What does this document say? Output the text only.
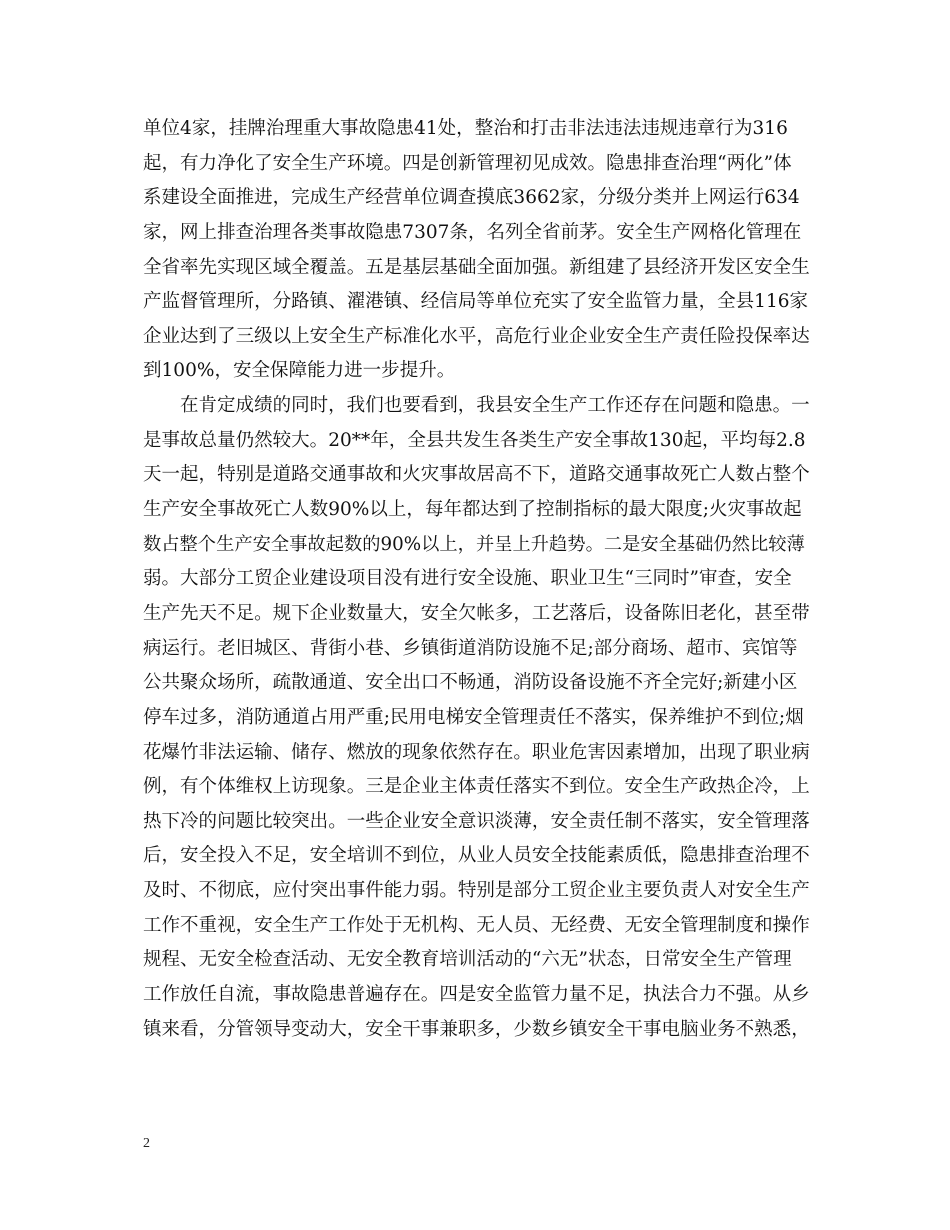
单位4家，挂牌治理重大事故隐患41处，整治和打击非法违法违规违章行为316
起，有力净化了安全生产环境。四是创新管理初见成效。隐患排查治理“两化”体
系建设全面推进，完成生产经营单位调查摸底3662家，分级分类并上网运行634
家，网上排查治理各类事故隐患7307条，名列全省前茅。安全生产网格化管理在
全省率先实现区域全覆盖。五是基层基础全面加强。新组建了县经济开发区安全生
产监督管理所，分路镇、濯港镇、经信局等单位充实了安全监管力量，全县116家
企业达到了三级以上安全生产标准化水平，高危行业企业安全生产责任险投保率达
到100%，安全保障能力进一步提升。
在肯定成绩的同时，我们也要看到，我县安全生产工作还存在问题和隐患。一
是事故总量仍然较大。20**年，全县共发生各类生产安全事故130起，平均每2.8
天一起，特别是道路交通事故和火灾事故居高不下，道路交通事故死亡人数占整个
生产安全事故死亡人数90%以上，每年都达到了控制指标的最大限度;火灾事故起
数占整个生产安全事故起数的90%以上，并呈上升趋势。二是安全基础仍然比较薄
弱。大部分工贸企业建设项目没有进行安全设施、职业卫生“三同时”审查，安全
生产先天不足。规下企业数量大，安全欠帐多，工艺落后，设备陈旧老化，甚至带
病运行。老旧城区、背街小巷、乡镇街道消防设施不足;部分商场、超市、宾馆等
公共聚众场所，疏散通道、安全出口不畅通，消防设备设施不齐全完好;新建小区
停车过多，消防通道占用严重;民用电梯安全管理责任不落实，保养维护不到位;烟
花爆竹非法运输、储存、燃放的现象依然存在。职业危害因素增加，出现了职业病
例，有个体维权上访现象。三是企业主体责任落实不到位。安全生产政热企冷，上
热下冷的问题比较突出。一些企业安全意识淡薄，安全责任制不落实，安全管理落
后，安全投入不足，安全培训不到位，从业人员安全技能素质低，隐患排查治理不
及时、不彻底，应付突出事件能力弱。特别是部分工贸企业主要负责人对安全生产
工作不重视，安全生产工作处于无机构、无人员、无经费、无安全管理制度和操作
规程、无安全检查活动、无安全教育培训活动的“六无”状态，日常安全生产管理
工作放任自流，事故隐患普遍存在。四是安全监管力量不足，执法合力不强。从乡
镇来看，分管领导变动大，安全干事兼职多，少数乡镇安全干事电脑业务不熟悉，
2
